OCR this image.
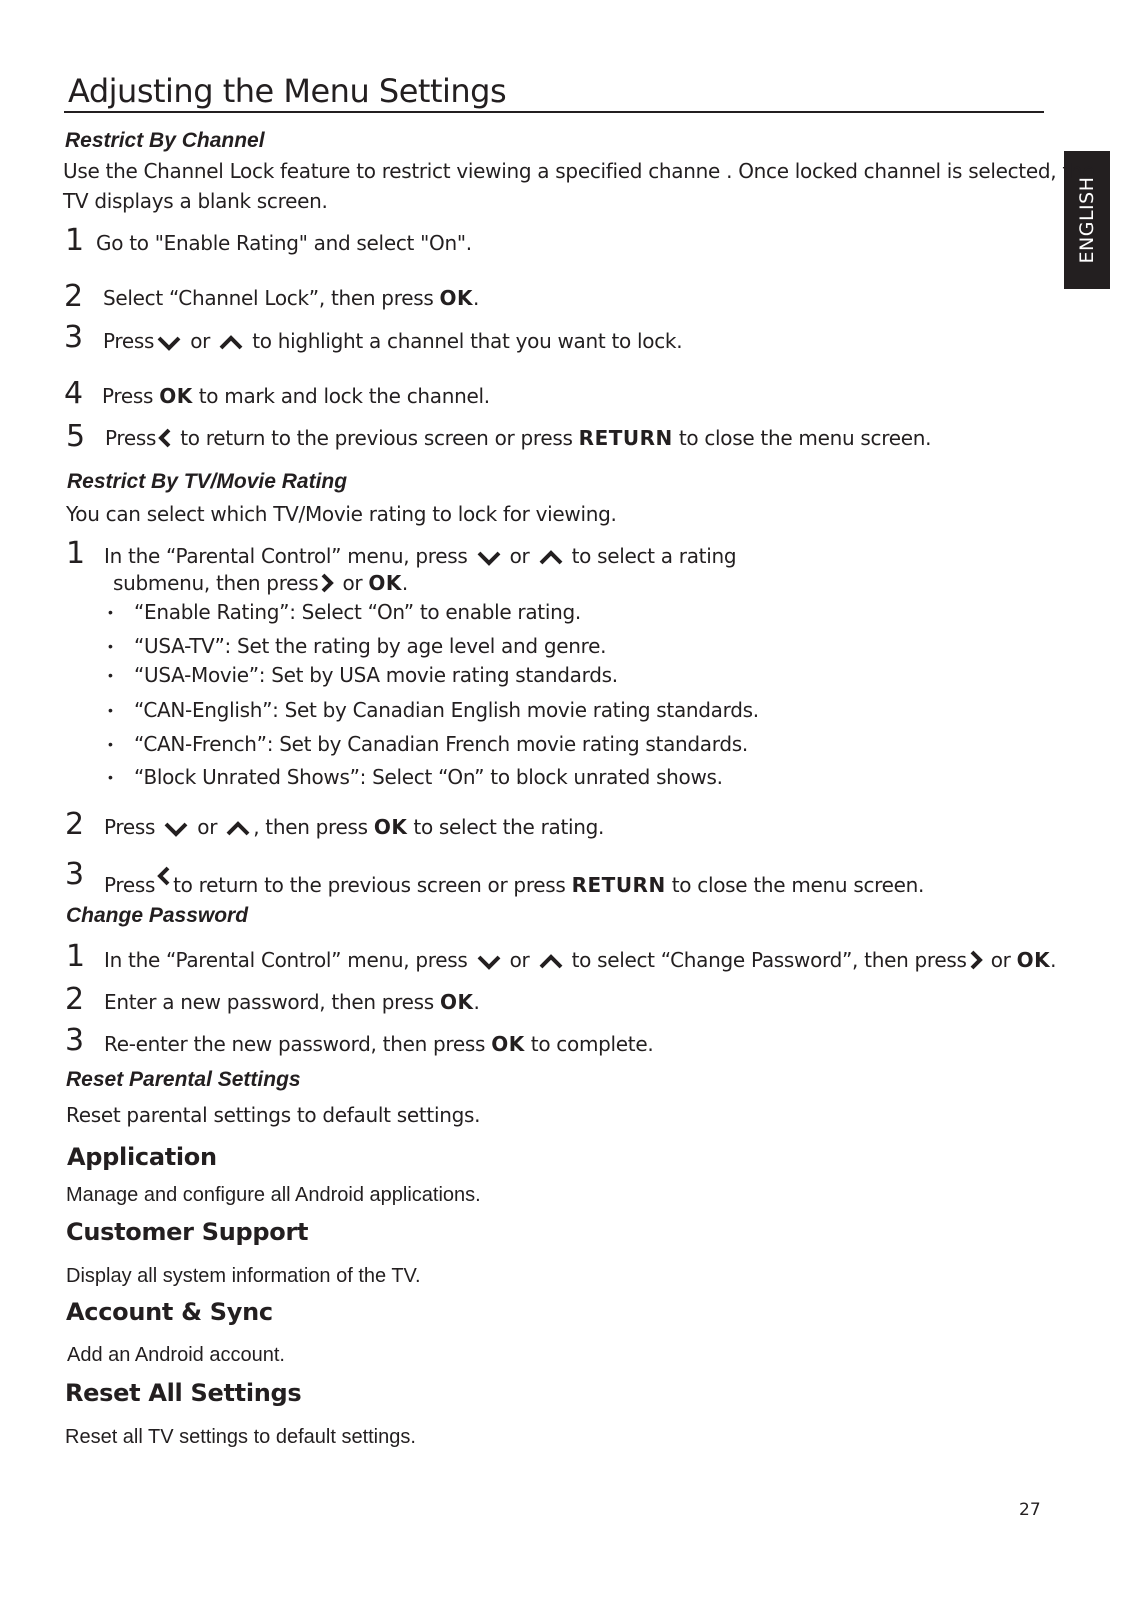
Adjusting the Menu Settings
ENGLISH
Restrict By Channel
Use the Channel Lock feature to restrict viewing a specified channe . Once locked channel is selected, the
TV displays a blank screen.
1 Go to "Enable Rating" and select "On".
2 Select “Channel Lock”, then press OK.
3 Press or to highlight a channel that you want to lock.
4 Press OK to mark and lock the channel.
5 Press to return to the previous screen or press RETURN to close the menu screen.
Restrict By TV/Movie Rating
You can select which TV/Movie rating to lock for viewing.
1 In the “Parental Control” menu, press or to select a rating
submenu, then press or OK.
• “Enable Rating”: Select “On” to enable rating.
• “USA-TV”: Set the rating by age level and genre.
• “USA-Movie”: Set by USA movie rating standards.
• “CAN-English”: Set by Canadian English movie rating standards.
• “CAN-French”: Set by Canadian French movie rating standards.
• “Block Unrated Shows”: Select “On” to block unrated shows.
2 Press or , then press OK to select the rating.
3 Press to return to the previous screen or press RETURN to close the menu screen.
Change Password
1 In the “Parental Control” menu, press or to select “Change Password”, then press or OK.
2 Enter a new password, then press OK.
3 Re-enter the new password, then press OK to complete.
Reset Parental Settings
Reset parental settings to default settings.
Application
Manage and configure all Android applications.
Customer Support
Display all system information of the TV.
Account & Sync
Add an Android account.
Reset All Settings
Reset all TV settings to default settings.
27
